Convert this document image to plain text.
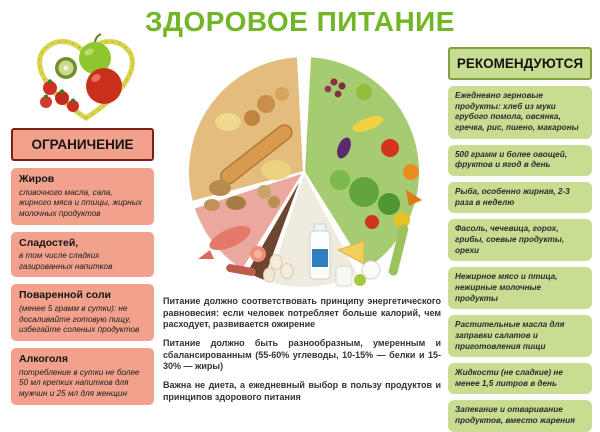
ЗДОРОВОЕ ПИТАНИЕ
ОГРАНИЧЕНИЕ
Жиров
сливочного масла, сала, жирного мяса и птицы, жирных молочных продуктов
Сладостей,
в том числе сладких газированных напитков
Поваренной соли
(менее 5 грамм в сутки): не досаливайте готовую пищу, избегайте соленых продуктов
Алкоголя
потребление в сутки не более 50 мл крепких напитков для мужчин и 25 мл для женщин
РЕКОМЕНДУЮТСЯ
Ежедневно зерновые продукты: хлеб из муки грубого помола, овсянка, гречка, рис, пшено, макароны
500 грамм и более овощей, фруктов и ягод в день
Рыба, особенно жирная, 2-3 раза в неделю
Фасоль, чечевица, горох, грибы, соевые продукты, орехи
Нежирное мясо и птица, нежирные молочные продукты
Растительные масла для заправки салатов и приготовления пищи
Жидкости (не сладкие) не менее 1,5 литров в день
Запекание и отваривание продуктов, вместо жарения

Питание должно соответствовать принципу энергетического равновесия: если человек потребляет больше калорий, чем расходует, развивается ожирение

Питание должно быть разнообразным, умеренным и сбалансированным (55-60% углеводы, 10-15% — белки и 15-30% — жиры)

Важна не диета, а ежедневный выбор в пользу продуктов и принципов здорового питания
